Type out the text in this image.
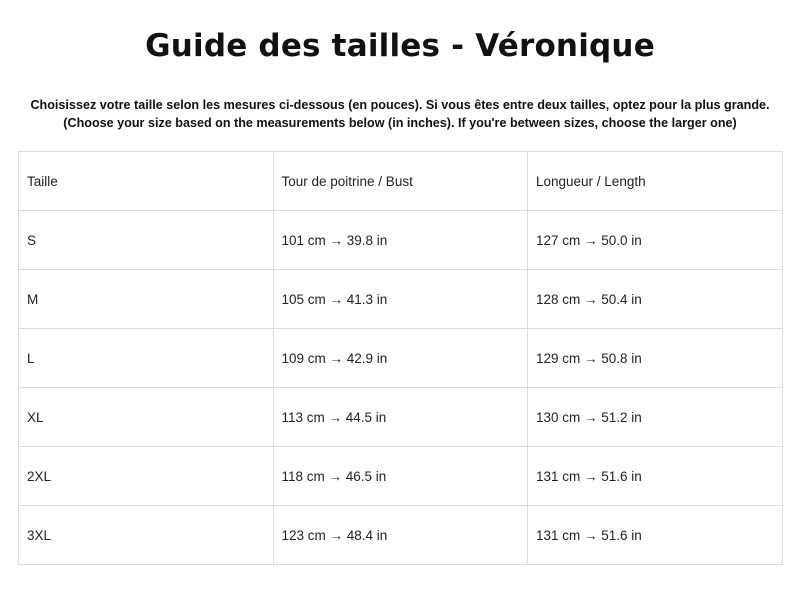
Guide des tailles - Véronique
Choisissez votre taille selon les mesures ci-dessous (en pouces). Si vous êtes entre deux tailles, optez pour la plus grande.
(Choose your size based on the measurements below (in inches). If you're between sizes, choose the larger one)
Taille	Tour de poitrine / Bust	Longueur / Length
S	101 cm → 39.8 in	127 cm → 50.0 in
M	105 cm → 41.3 in	128 cm → 50.4 in
L	109 cm → 42.9 in	129 cm → 50.8 in
XL	113 cm → 44.5 in	130 cm → 51.2 in
2XL	118 cm → 46.5 in	131 cm → 51.6 in
3XL	123 cm → 48.4 in	131 cm → 51.6 in
